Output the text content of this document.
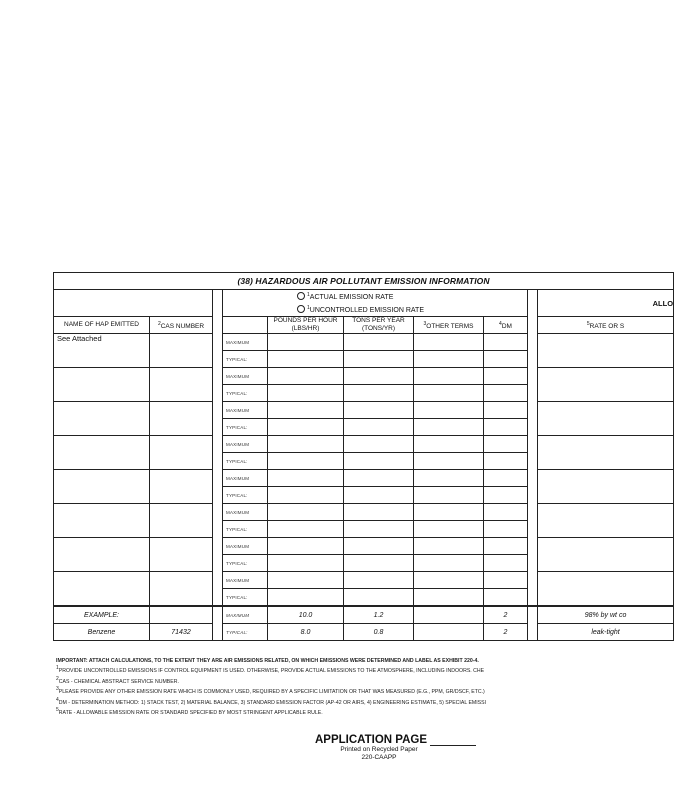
(38) HAZARDOUS AIR POLLUTANT EMISSION INFORMATION									

			$^1$ACTUAL EMISSION RATE
$^1$UNCONTROLLED EMISSION RATE						ALLO
NAME OF HAP EMITTED	$^2$CAS NUMBER			POUNDS PER HOUR (LBS/HR)	TONS PER YEAR (TONS/YR)	$^3$OTHER TERMS	$^4$DM		$^5$RATE OR S
See Attached			MAXIMUM						
			TYPICAL:						
			MAXIMUM						
			TYPICAL:						
			MAXIMUM						
			TYPICAL:						
			MAXIMUM						
			TYPICAL:						
			MAXIMUM						
			TYPICAL:						
			MAXIMUM						
			TYPICAL:						
			MAXIMUM						
			TYPICAL:						
			MAXIMUM						
			TYPICAL:						
EXAMPLE:			MAXIMUM	10.0	1.2		2		98% by wt co
Benzene	71432		TYPICAL:	8.0	0.8		2		leak-tight
IMPORTANT: ATTACH CALCULATIONS, TO THE EXTENT THEY ARE AIR EMISSIONS RELATED, ON WHICH EMISSIONS WERE DETERMINED AND LABEL AS EXHIBIT 220-4.
$^1$PROVIDE UNCONTROLLED EMISSIONS IF CONTROL EQUIPMENT IS USED. OTHERWISE, PROVIDE ACTUAL EMISSIONS TO THE ATMOSPHERE, INCLUDING INDOORS. CHE
$^2$CAS - CHEMICAL ABSTRACT SERVICE NUMBER.
$^3$PLEASE PROVIDE ANY OTHER EMISSION RATE WHICH IS COMMONLY USED, REQUIRED BY A SPECIFIC LIMITATION OR THAT WAS MEASURED (E.G., PPM, GR/DSCF, ETC.)
$^4$DM - DETERMINATION METHOD: 1) STACK TEST, 2) MATERIAL BALANCE, 3) STANDARD EMISSION FACTOR (AP-42 OR AIRS, 4) ENGINEERING ESTIMATE, 5) SPECIAL EMISSI
$^5$RATE - ALLOWABLE EMISSION RATE OR STANDARD SPECIFIED BY MOST STRINGENT APPLICABLE RULE.
APPLICATION PAGE
Printed on Recycled Paper
220-CAAPP
